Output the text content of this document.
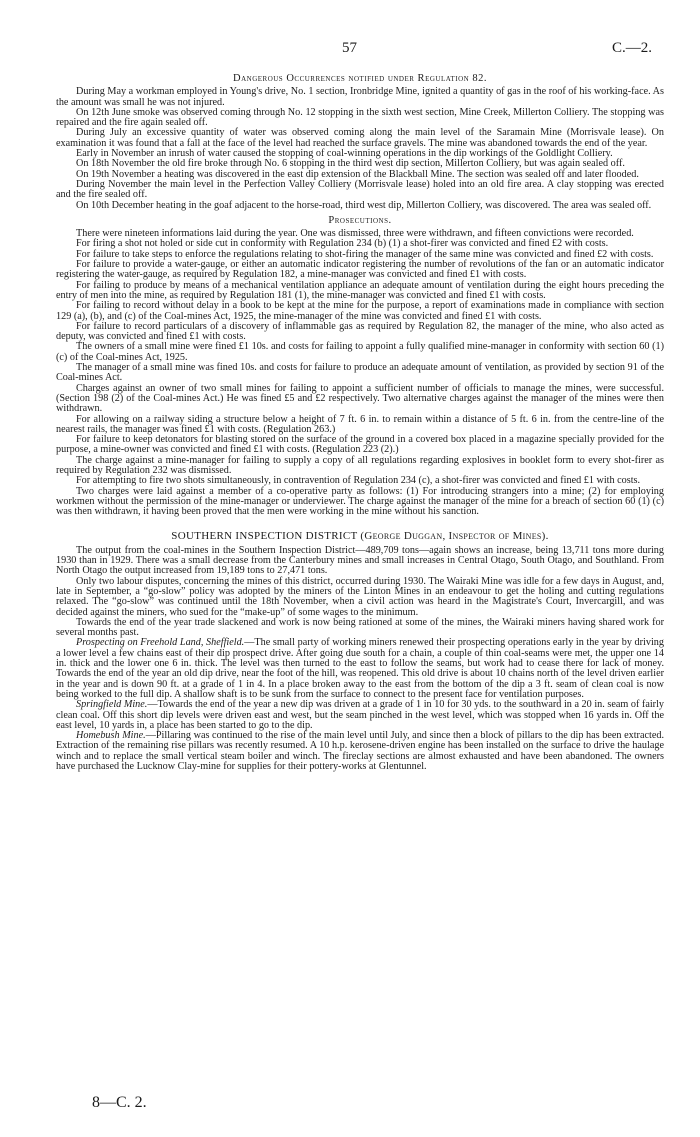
57	C.—2.
Dangerous Occurrences notified under Regulation 82.

During May a workman employed in Young's drive, No. 1 section, Ironbridge Mine, ignited a quantity of gas in the roof of his working-face. As the amount was small he was not injured.

On 12th June smoke was observed coming through No. 12 stopping in the sixth west section, Mine Creek, Millerton Colliery. The stopping was repaired and the fire again sealed off.

During July an excessive quantity of water was observed coming along the main level of the Saramain Mine (Morrisvale lease). On examination it was found that a fall at the face of the level had reached the surface gravels. The mine was abandoned towards the end of the year.

Early in November an inrush of water caused the stopping of coal-winning operations in the dip workings of the Goldlight Colliery.

On 18th November the old fire broke through No. 6 stopping in the third west dip section, Millerton Colliery, but was again sealed off.

On 19th November a heating was discovered in the east dip extension of the Blackball Mine. The section was sealed off and later flooded.

During November the main level in the Perfection Valley Colliery (Morrisvale lease) holed into an old fire area. A clay stopping was erected and the fire sealed off.

On 10th December heating in the goaf adjacent to the horse-road, third west dip, Millerton Colliery, was discovered. The area was sealed off.

Prosecutions.

There were nineteen informations laid during the year. One was dismissed, three were withdrawn, and fifteen convictions were recorded.

For firing a shot not holed or side cut in conformity with Regulation 234 (b) (1) a shot-firer was convicted and fined £2 with costs.

For failure to take steps to enforce the regulations relating to shot-firing the manager of the same mine was convicted and fined £2 with costs.

For failure to provide a water-gauge, or either an automatic indicator registering the number of revolutions of the fan or an automatic indicator registering the water-gauge, as required by Regulation 182, a mine-manager was convicted and fined £1 with costs.

For failing to produce by means of a mechanical ventilation appliance an adequate amount of ventilation during the eight hours preceding the entry of men into the mine, as required by Regulation 181 (1), the mine-manager was convicted and fined £1 with costs.

For failing to record without delay in a book to be kept at the mine for the purpose, a report of examinations made in compliance with section 129 (a), (b), and (c) of the Coal-mines Act, 1925, the mine-manager of the mine was convicted and fined £1 with costs.

For failure to record particulars of a discovery of inflammable gas as required by Regulation 82, the manager of the mine, who also acted as deputy, was convicted and fined £1 with costs.

The owners of a small mine were fined £1 10s. and costs for failing to appoint a fully qualified mine-manager in conformity with section 60 (1) (c) of the Coal-mines Act, 1925.

The manager of a small mine was fined 10s. and costs for failure to produce an adequate amount of ventilation, as provided by section 91 of the Coal-mines Act.

Charges against an owner of two small mines for failing to appoint a sufficient number of officials to manage the mines, were successful. (Section 198 (2) of the Coal-mines Act.) He was fined £5 and £2 respectively. Two alternative charges against the manager of the mines were then withdrawn.

For allowing on a railway siding a structure below a height of 7 ft. 6 in. to remain within a distance of 5 ft. 6 in. from the centre-line of the nearest rails, the manager was fined £1 with costs. (Regulation 263.)

For failure to keep detonators for blasting stored on the surface of the ground in a covered box placed in a magazine specially provided for the purpose, a mine-owner was convicted and fined £1 with costs. (Regulation 223 (2).)

The charge against a mine-manager for failing to supply a copy of all regulations regarding explosives in booklet form to every shot-firer as required by Regulation 232 was dismissed.

For attempting to fire two shots simultaneously, in contravention of Regulation 234 (c), a shot-firer was convicted and fined £1 with costs.

Two charges were laid against a member of a co-operative party as follows: (1) For introducing strangers into a mine; (2) for employing workmen without the permission of the mine-manager or underviewer. The charge against the manager of the mine for a breach of section 60 (1) (c) was then withdrawn, it having been proved that the men were working in the mine without his sanction.

SOUTHERN INSPECTION DISTRICT (George Duggan, Inspector of Mines).

The output from the coal-mines in the Southern Inspection District—489,709 tons—again shows an increase, being 13,711 tons more during 1930 than in 1929. There was a small decrease from the Canterbury mines and small increases in Central Otago, South Otago, and Southland. From North Otago the output increased from 19,189 tons to 27,471 tons.

Only two labour disputes, concerning the mines of this district, occurred during 1930. The Wairaki Mine was idle for a few days in August, and, late in September, a “go-slow” policy was adopted by the miners of the Linton Mines in an endeavour to get the holing and cutting regulations relaxed. The “go-slow” was continued until the 18th November, when a civil action was heard in the Magistrate's Court, Invercargill, and was decided against the miners, who sued for the “make-up” of some wages to the minimum.

Towards the end of the year trade slackened and work is now being rationed at some of the mines, the Wairaki miners having shared work for several months past.

Prospecting on Freehold Land, Sheffield.—The small party of working miners renewed their prospecting operations early in the year by driving a lower level a few chains east of their dip prospect drive. After going due south for a chain, a couple of thin coal-seams were met, the upper one 14 in. thick and the lower one 6 in. thick. The level was then turned to the east to follow the seams, but work had to cease there for lack of money. Towards the end of the year an old dip drive, near the foot of the hill, was reopened. This old drive is about 10 chains north of the level driven earlier in the year and is down 90 ft. at a grade of 1 in 4. In a place broken away to the east from the bottom of the dip a 3 ft. seam of clean coal is now being worked to the full dip. A shallow shaft is to be sunk from the surface to connect to the present face for ventilation purposes.

Springfield Mine.—Towards the end of the year a new dip was driven at a grade of 1 in 10 for 30 yds. to the southward in a 20 in. seam of fairly clean coal. Off this short dip levels were driven east and west, but the seam pinched in the west level, which was stopped when 16 yards in. Off the east level, 10 yards in, a place has been started to go to the dip.

Homebush Mine.—Pillaring was continued to the rise of the main level until July, and since then a block of pillars to the dip has been extracted. Extraction of the remaining rise pillars was recently resumed. A 10 h.p. kerosene-driven engine has been installed on the surface to drive the haulage winch and to replace the small vertical steam boiler and winch. The fireclay sections are almost exhausted and have been abandoned. The owners have purchased the Lucknow Clay-mine for supplies for their pottery-works at Glentunnel.

8—C. 2.
